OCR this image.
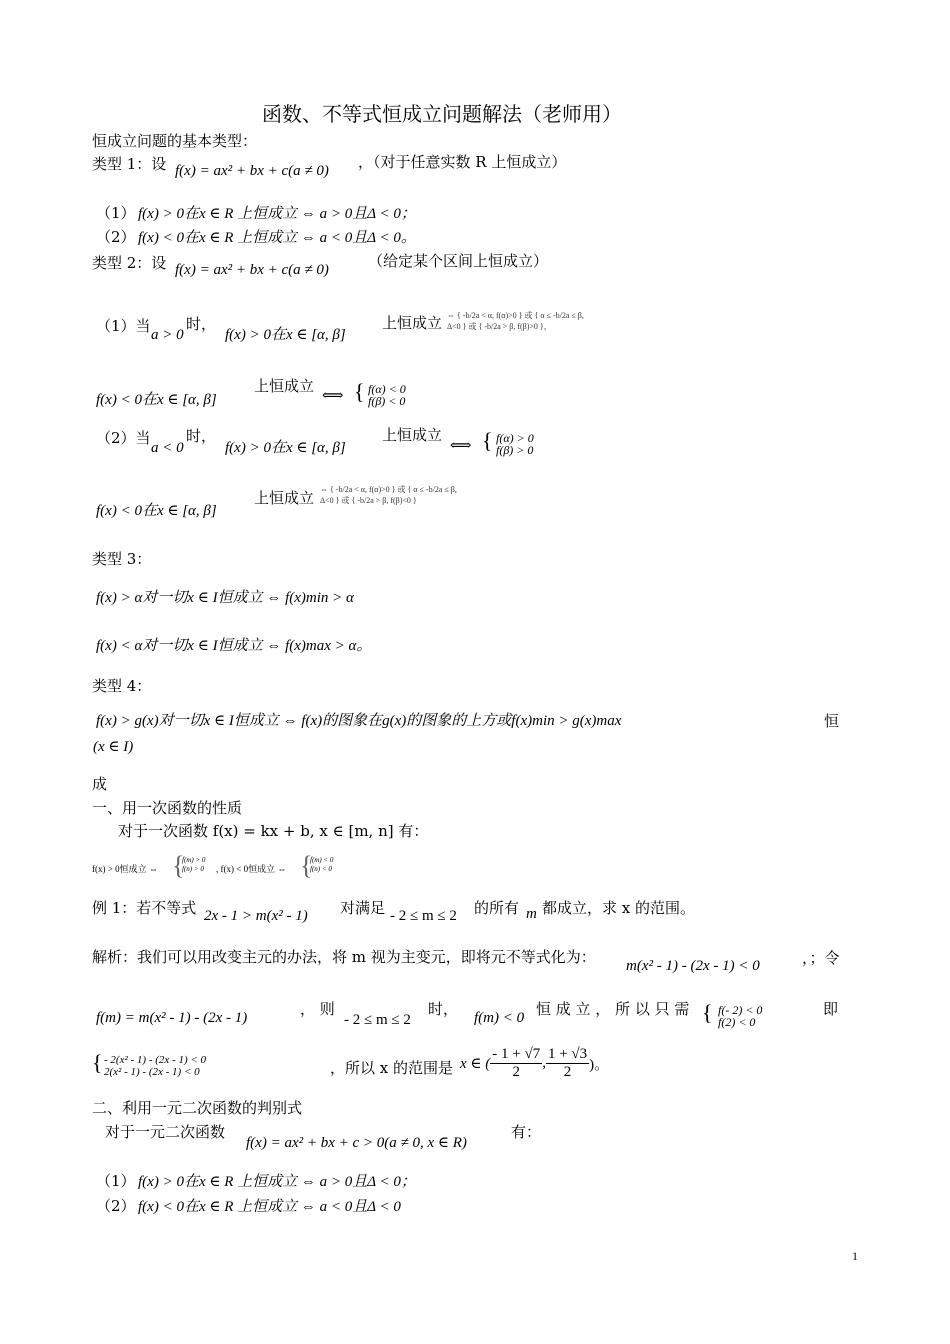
函数、不等式恒成立问题解法（老师用）
恒成立问题的基本类型：
类型 1：设 f(x) = ax² + bx + c(a ≠ 0) ，（对于任意实数 R 上恒成立）
（1） f(x) > 0在x ∈ R 上恒成立 ⇔ a > 0且Δ < 0；
（2） f(x) < 0在x ∈ R 上恒成立 ⇔ a < 0且Δ < 0。
类型 2：设 f(x) = ax² + bx + c(a ≠ 0)	（给定某个区间上恒成立）
（1）当 a > 0
时，
f(x) > 0在x ∈ [α, β]
上恒成立 ⇔ { -b/2a < α, f(α)>0 } 或 { α ≤ -b/2a ≤ β, Δ<0 } 或 { -b/2a > β, f(β)>0 }，
f(x) < 0在x ∈ [α, β]
上恒成立
⟺ { f(α) < 0
f(β) < 0
（2）当
a < 0
时，
f(x) > 0在x ∈ [α, β]
上恒成立
⟺ { f(α) > 0
f(β) > 0
f(x) < 0在x ∈ [α, β]
上恒成立 ⇔ { -b/2a < α, f(α)>0 } 或 { α ≤ -b/2a ≤ β, Δ<0 } 或 { -b/2a > β, f(β)<0 }
类型 3：
f(x) > α对一切x ∈ I恒成立 ⇔ f(x)min > α
f(x) < α对一切x ∈ I恒成立 ⇔ f(x)max > α。
类型 4：
f(x) > g(x)对一切x ∈ I恒成立 ⇔ f(x)的图象在g(x)的图象的上方或f(x)min > g(x)max	恒
(x ∈ I)
成
一、用一次函数的性质
对于一次函数 f(x) = kx + b, x ∈ [m, n] 有：
f(x) > 0恒成立 ⇔ {
f(m) > 0
f(n) > 0 , f(x) < 0恒成立 ⇔ {
f(m) < 0
f(n) < 0
例 1：若不等式 2x - 1 > m(x² - 1) 对满足 - 2 ≤ m ≤ 2 的所有 m 都成立，求 x 的范围。
解析：我们可以用改变主元的办法，将 m 视为主变元，即将元不等式化为： m(x² - 1) - (2x - 1) < 0	，；令
f(m) = m(x² - 1) - (2x - 1)	， 则
- 2 ≤ m ≤ 2
时， f(m) < 0 恒 成 立 ， 所 以 只 需 { f(- 2) < 0
f(2) < 0
即
{ - 2(x² - 1) - (2x - 1) < 0
2(x² - 1) - (2x - 1) < 0	，所以 x 的范围是 x ∈ ( $\frac{- 1 + √7}{2}$ , $\frac{1 + √3}{2}$ )。
二、利用一元二次函数的判别式
对于一元二次函数
f(x) = ax² + bx + c > 0(a ≠ 0, x ∈ R)
有：
（1） f(x) > 0在x ∈ R 上恒成立 ⇔ a > 0且Δ < 0；
（2） f(x) < 0在x ∈ R 上恒成立 ⇔ a < 0且Δ < 0
1
